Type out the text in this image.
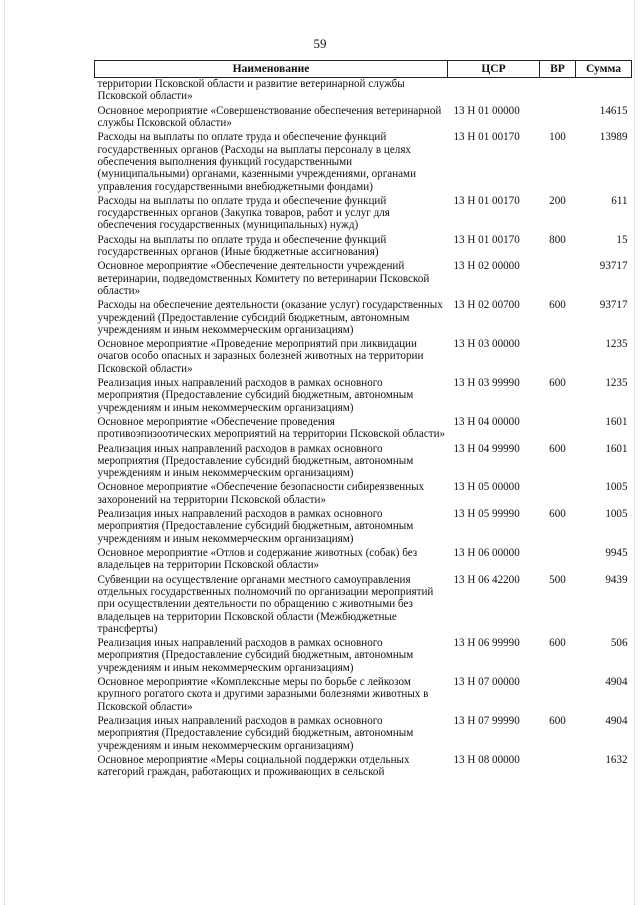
59
Наименование	ЦСР	ВР	Сумма
территории Псковской области и развитие ветеринарной службы Псковской области»			
Основное мероприятие «Совершенствование обеспечения ветеринарной службы Псковской области»	13 Н 01 00000		14615
Расходы на выплаты по оплате труда и обеспечение функций государственных органов (Расходы на выплаты персоналу в целях обеспечения выполнения функций государственными (муниципальными) органами, казенными учреждениями, органами управления государственными внебюджетными фондами)	13 Н 01 00170	100	13989
Расходы на выплаты по оплате труда и обеспечение функций государственных органов (Закупка товаров, работ и услуг для обеспечения государственных (муниципальных) нужд)	13 Н 01 00170	200	611
Расходы на выплаты по оплате труда и обеспечение функций государственных органов (Иные бюджетные ассигнования)	13 Н 01 00170	800	15
Основное мероприятие «Обеспечение деятельности учреждений ветеринарии, подведомственных Комитету по ветеринарии Псковской области»	13 Н 02 00000		93717
Расходы на обеспечение деятельности (оказание услуг) государственных учреждений (Предоставление субсидий бюджетным, автономным учреждениям и иным некоммерческим организациям)	13 Н 02 00700	600	93717
Основное мероприятие «Проведение мероприятий при ликвидации очагов особо опасных и заразных болезней животных на территории Псковской области»	13 Н 03 00000		1235
Реализация иных направлений расходов в рамках основного мероприятия (Предоставление субсидий бюджетным, автономным учреждениям и иным некоммерческим организациям)	13 Н 03 99990	600	1235
Основное мероприятие «Обеспечение проведения противоэпизоотических мероприятий на территории Псковской области»	13 Н 04 00000		1601
Реализация иных направлений расходов в рамках основного мероприятия (Предоставление субсидий бюджетным, автономным учреждениям и иным некоммерческим организациям)	13 Н 04 99990	600	1601
Основное мероприятие «Обеспечение безопасности сибиреязвенных захоронений на территории Псковской области»	13 Н 05 00000		1005
Реализация иных направлений расходов в рамках основного мероприятия (Предоставление субсидий бюджетным, автономным учреждениям и иным некоммерческим организациям)	13 Н 05 99990	600	1005
Основное мероприятие «Отлов и содержание животных (собак) без владельцев на территории Псковской области»	13 Н 06 00000		9945
Субвенции на осуществление органами местного самоуправления отдельных государственных полномочий по организации мероприятий при осуществлении деятельности по обращению с животными без владельцев на территории Псковской области (Межбюджетные трансферты)	13 Н 06 42200	500	9439
Реализация иных направлений расходов в рамках основного мероприятия (Предоставление субсидий бюджетным, автономным учреждениям и иным некоммерческим организациям)	13 Н 06 99990	600	506
Основное мероприятие «Комплексные меры по борьбе с лейкозом крупного рогатого скота и другими заразными болезнями животных в Псковской области»	13 Н 07 00000		4904
Реализация иных направлений расходов в рамках основного мероприятия (Предоставление субсидий бюджетным, автономным учреждениям и иным некоммерческим организациям)	13 Н 07 99990	600	4904
Основное мероприятие «Меры социальной поддержки отдельных категорий граждан, работающих и проживающих в сельской	13 Н 08 00000		1632
